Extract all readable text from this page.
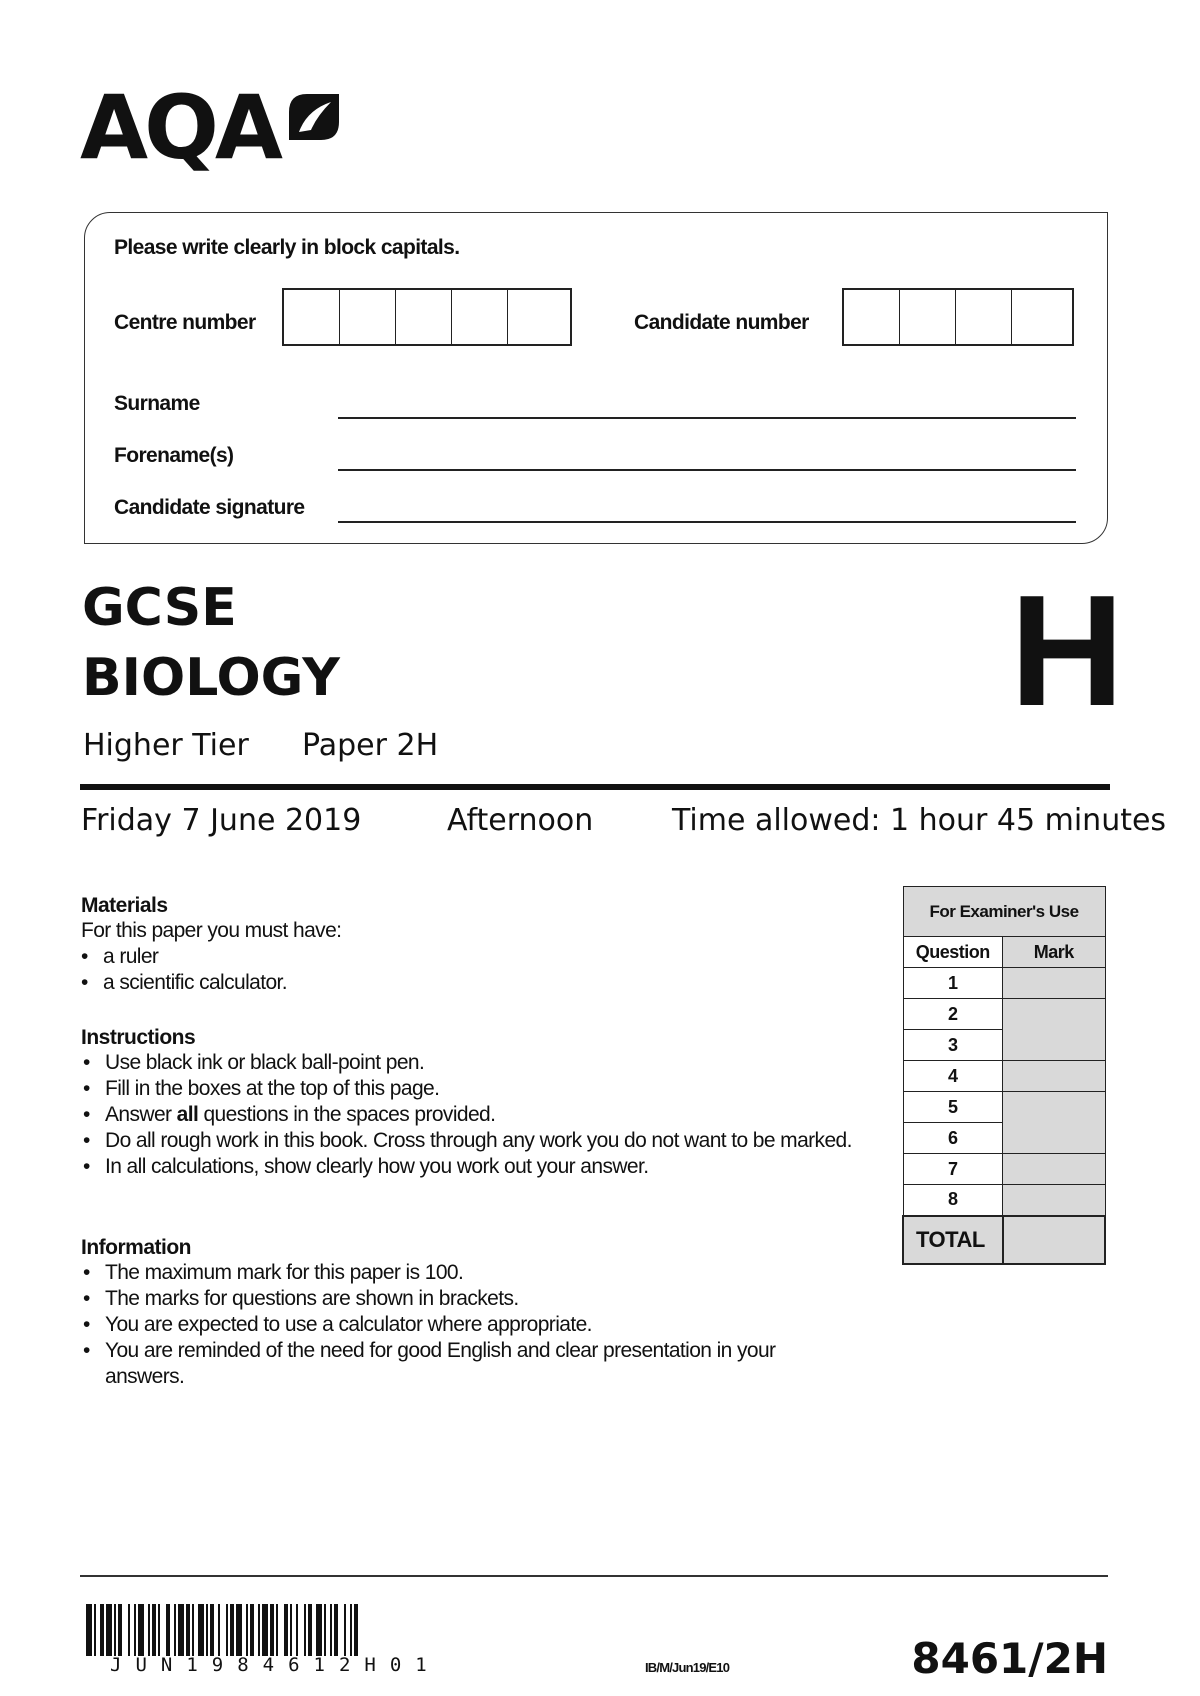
AQA
Please write clearly in block capitals.
Centre number	Candidate number
Surname
Forename(s)
Candidate signature
GCSE
BIOLOGY	H
Higher Tier Paper 2H
Friday 7 June 2019	Afternoon	Time allowed: 1 hour 45 minutes
Materials
For this paper you must have:
• a ruler
• a scientific calculator.
Instructions
• Use black ink or black ball-point pen.
• Fill in the boxes at the top of this page.
• Answer all questions in the spaces provided.
• Do all rough work in this book. Cross through any work you do not want to be marked.
• In all calculations, show clearly how you work out your answer.
Information
• The maximum mark for this paper is 100.
• The marks for questions are shown in brackets.
• You are expected to use a calculator where appropriate.
• You are reminded of the need for good English and clear presentation in your answers.
For Examiner's Use	
Question	Mark
1	
2	
3	
4	
5	
6	
7	
8	
TOTAL	
JUN1984612H01	IB/M/Jun19/E10	8461/2H
